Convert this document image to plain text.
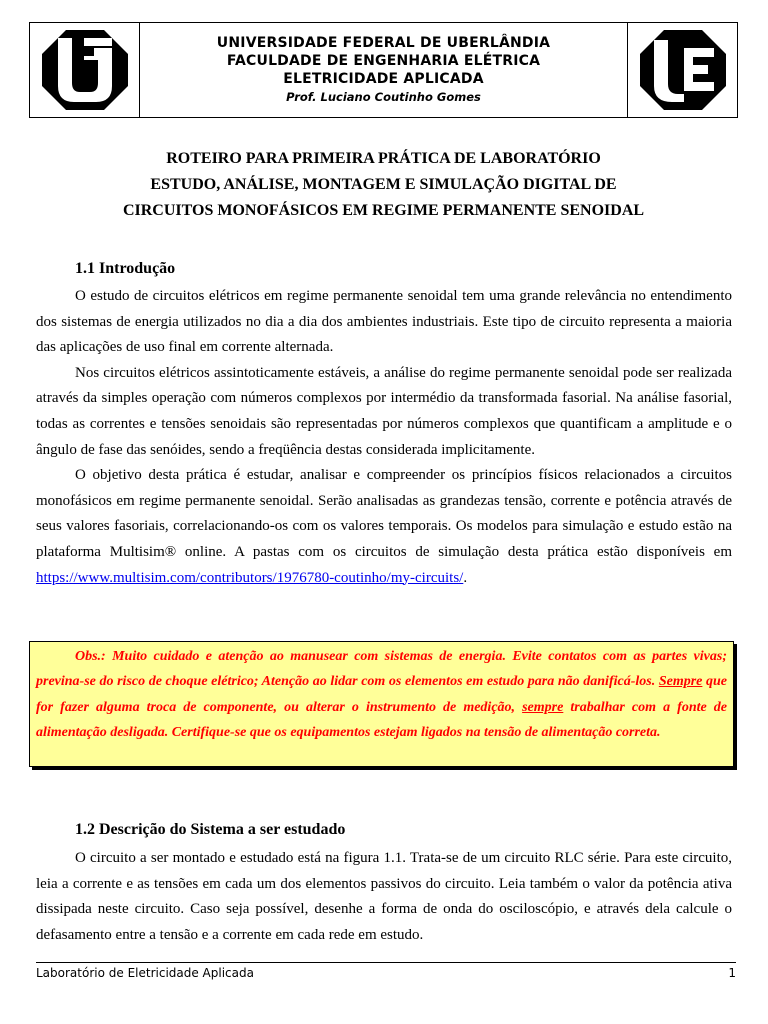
UNIVERSIDADE FEDERAL DE UBERLÂNDIA
FACULDADE DE ENGENHARIA ELÉTRICA
ELETRICIDADE APLICADA
Prof. Luciano Coutinho Gomes
ROTEIRO PARA PRIMEIRA PRÁTICA DE LABORATÓRIO
ESTUDO, ANÁLISE, MONTAGEM E SIMULAÇÃO DIGITAL DE
CIRCUITOS MONOFÁSICOS EM REGIME PERMANENTE SENOIDAL
1.1 Introdução

O estudo de circuitos elétricos em regime permanente senoidal tem uma grande relevância no entendimento dos sistemas de energia utilizados no dia a dia dos ambientes industriais. Este tipo de circuito representa a maioria das aplicações de uso final em corrente alternada.

Nos circuitos elétricos assintoticamente estáveis, a análise do regime permanente senoidal pode ser realizada através da simples operação com números complexos por intermédio da transformada fasorial. Na análise fasorial, todas as correntes e tensões senoidais são representadas por números complexos que quantificam a amplitude e o ângulo de fase das senóides, sendo a freqüência destas considerada implicitamente.

O objetivo desta prática é estudar, analisar e compreender os princípios físicos relacionados a circuitos monofásicos em regime permanente senoidal. Serão analisadas as grandezas tensão, corrente e potência através de seus valores fasoriais, correlacionando-os com os valores temporais. Os modelos para simulação e estudo estão na plataforma Multisim® online. A pastas com os circuitos de simulação desta prática estão disponíveis em https://www.multisim.com/contributors/1976780-coutinho/my-circuits/.

Obs.: Muito cuidado e atenção ao manusear com sistemas de energia. Evite contatos com as partes vivas; previna-se do risco de choque elétrico; Atenção ao lidar com os elementos em estudo para não danificá-los. Sempre que for fazer alguma troca de componente, ou alterar o instrumento de medição, sempre trabalhar com a fonte de alimentação desligada. Certifique-se que os equipamentos estejam ligados na tensão de alimentação correta.

1.2 Descrição do Sistema a ser estudado

O circuito a ser montado e estudado está na figura 1.1. Trata-se de um circuito RLC série. Para este circuito, leia a corrente e as tensões em cada um dos elementos passivos do circuito. Leia também o valor da potência ativa dissipada neste circuito. Caso seja possível, desenhe a forma de onda do osciloscópio, e através dela calcule o defasamento entre a tensão e a corrente em cada rede em estudo.

Laboratório de Eletricidade Aplicada	1
